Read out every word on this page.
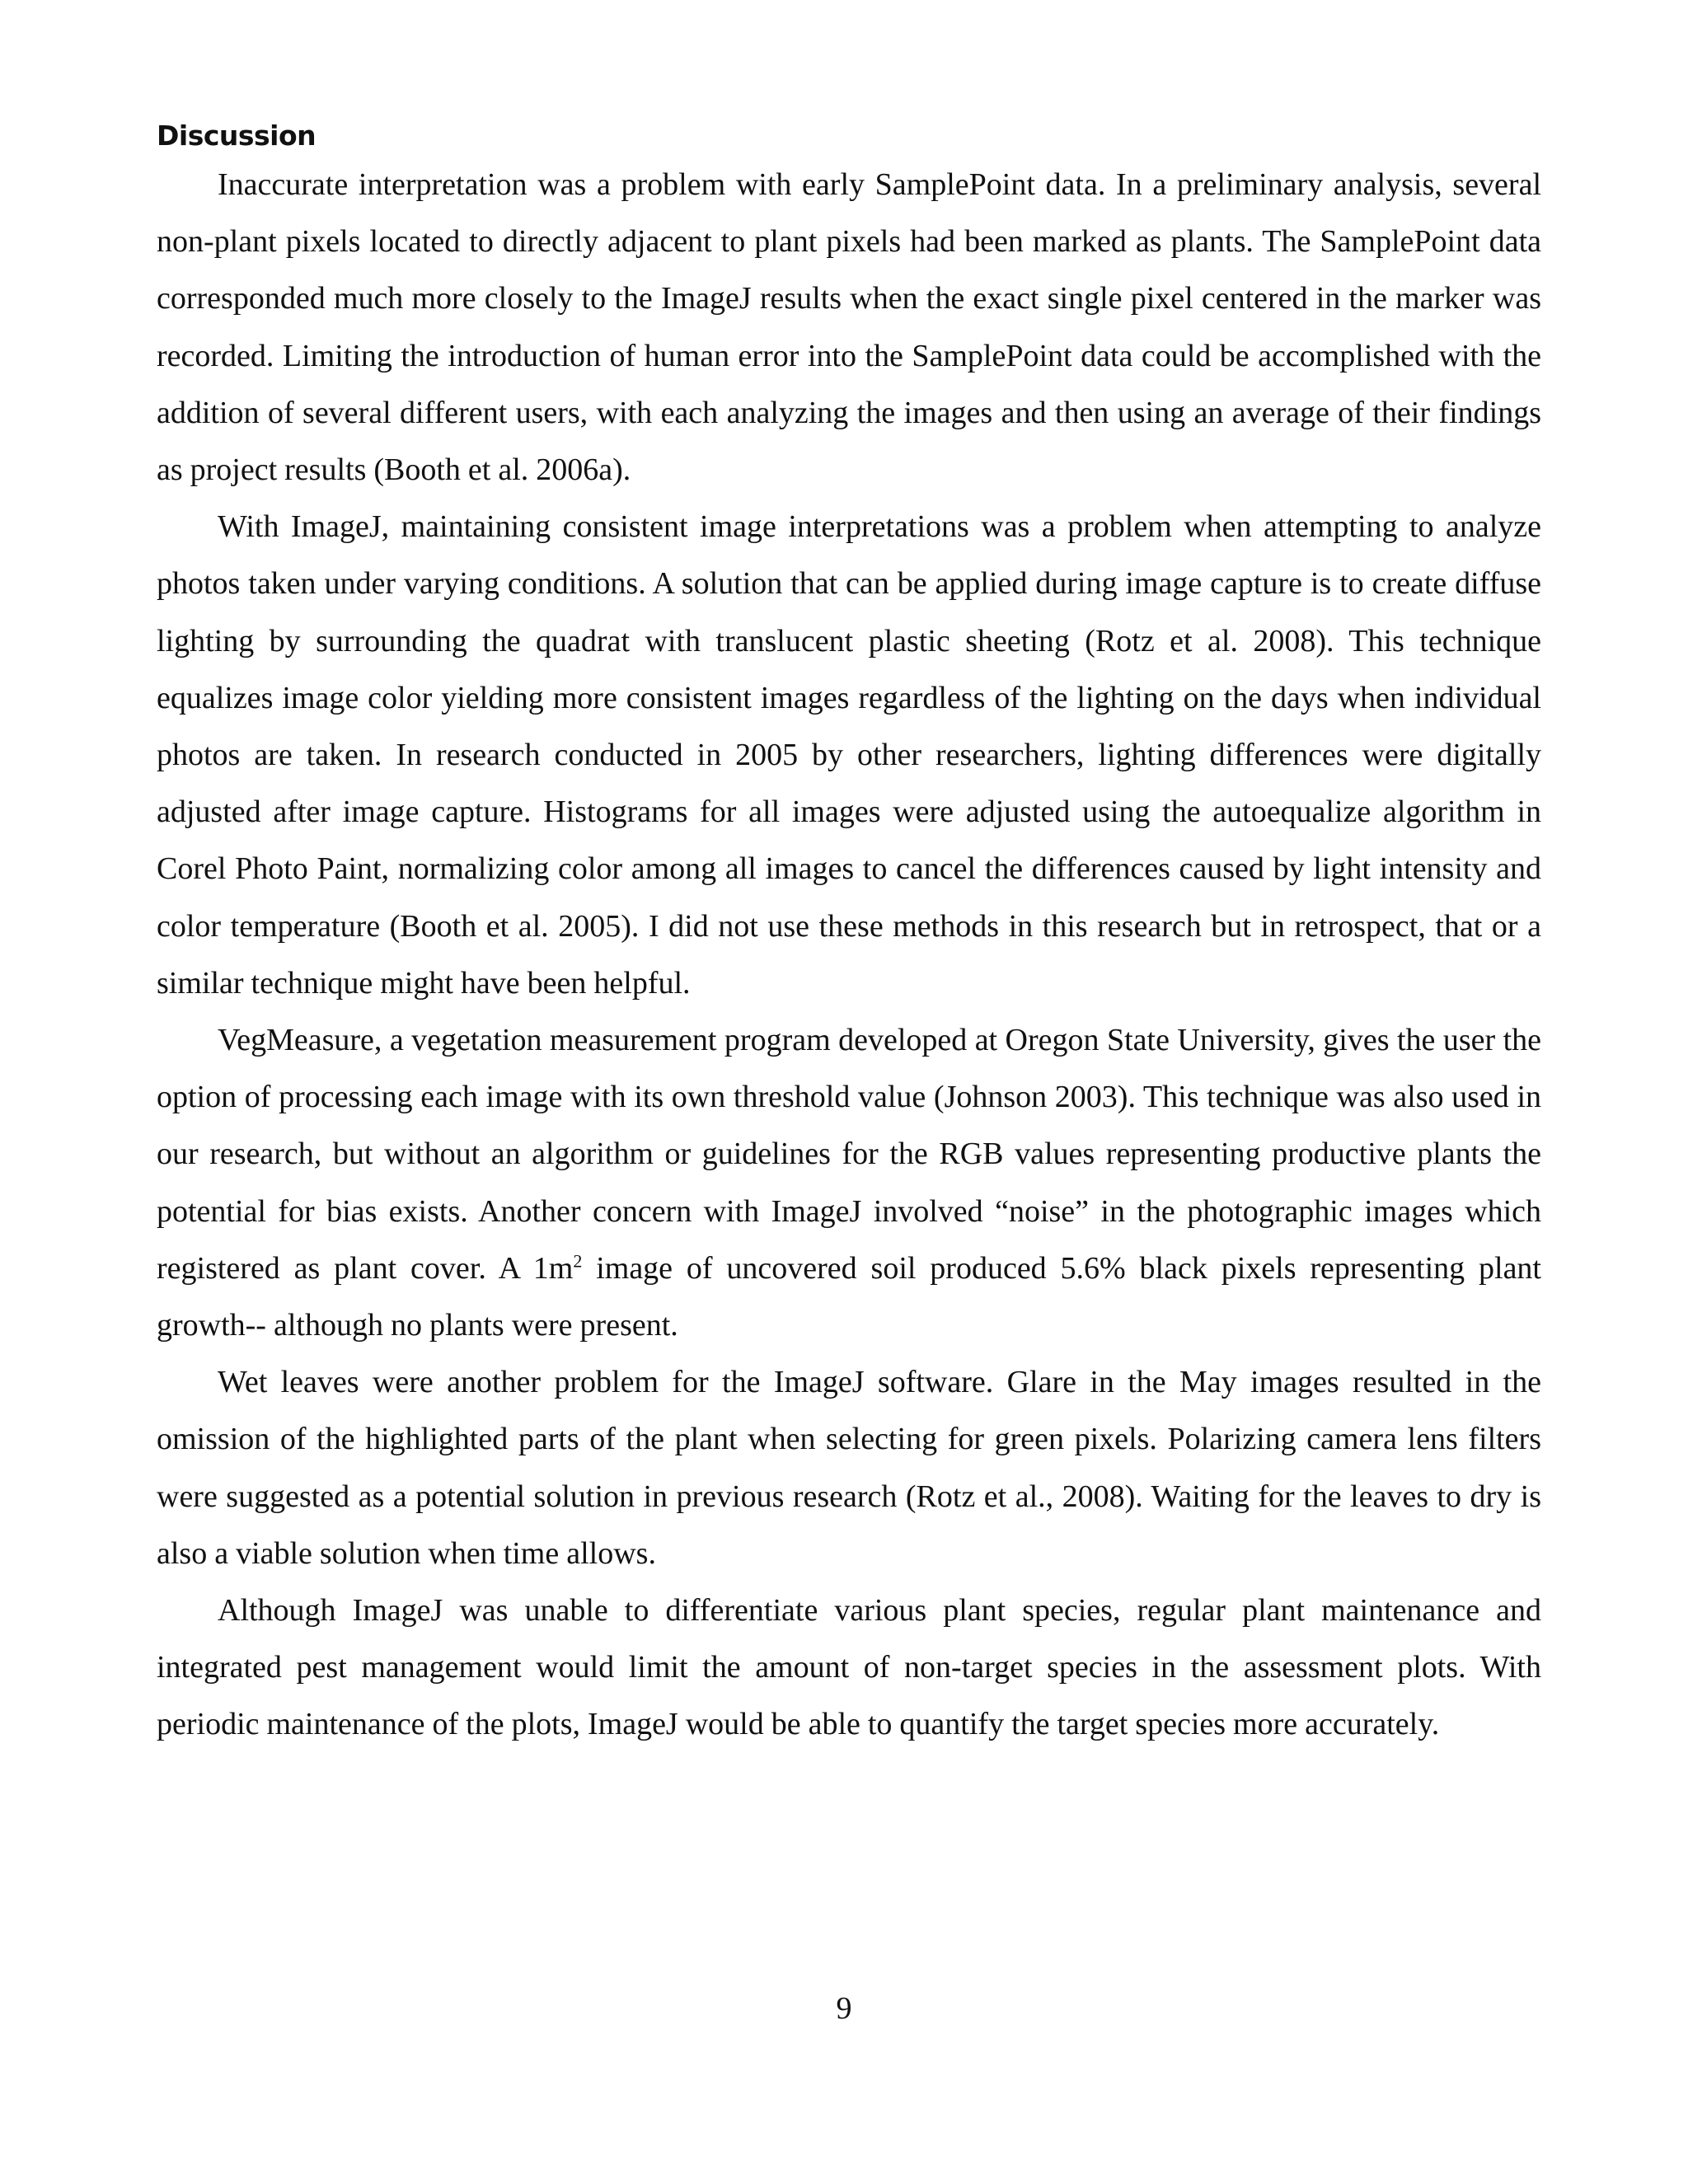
Discussion

Inaccurate interpretation was a problem with early SamplePoint data. In a preliminary analysis, several non-plant pixels located to directly adjacent to plant pixels had been marked as plants. The SamplePoint data corresponded much more closely to the ImageJ results when the exact single pixel centered in the marker was recorded. Limiting the introduction of human error into the SamplePoint data could be accomplished with the addition of several different users, with each analyzing the images and then using an average of their findings as project results (Booth et al. 2006a).

With ImageJ, maintaining consistent image interpretations was a problem when attempting to analyze photos taken under varying conditions. A solution that can be applied during image capture is to create diffuse lighting by surrounding the quadrat with translucent plastic sheeting (Rotz et al. 2008). This technique equalizes image color yielding more consistent images regardless of the lighting on the days when individual photos are taken. In research conducted in 2005 by other researchers, lighting differences were digitally adjusted after image capture. Histograms for all images were adjusted using the autoequalize algorithm in Corel Photo Paint, normalizing color among all images to cancel the differences caused by light intensity and color temperature (Booth et al. 2005). I did not use these methods in this research but in retrospect, that or a similar technique might have been helpful.

VegMeasure, a vegetation measurement program developed at Oregon State University, gives the user the option of processing each image with its own threshold value (Johnson 2003). This technique was also used in our research, but without an algorithm or guidelines for the RGB values representing productive plants the potential for bias exists. Another concern with ImageJ involved “noise” in the photographic images which registered as plant cover. A $1m^2$ image of uncovered soil produced 5.6% black pixels representing plant growth-- although no plants were present.

Wet leaves were another problem for the ImageJ software. Glare in the May images resulted in the omission of the highlighted parts of the plant when selecting for green pixels. Polarizing camera lens filters were suggested as a potential solution in previous research (Rotz et al., 2008). Waiting for the leaves to dry is also a viable solution when time allows.

Although ImageJ was unable to differentiate various plant species, regular plant maintenance and integrated pest management would limit the amount of non-target species in the assessment plots. With periodic maintenance of the plots, ImageJ would be able to quantify the target species more accurately.

9
